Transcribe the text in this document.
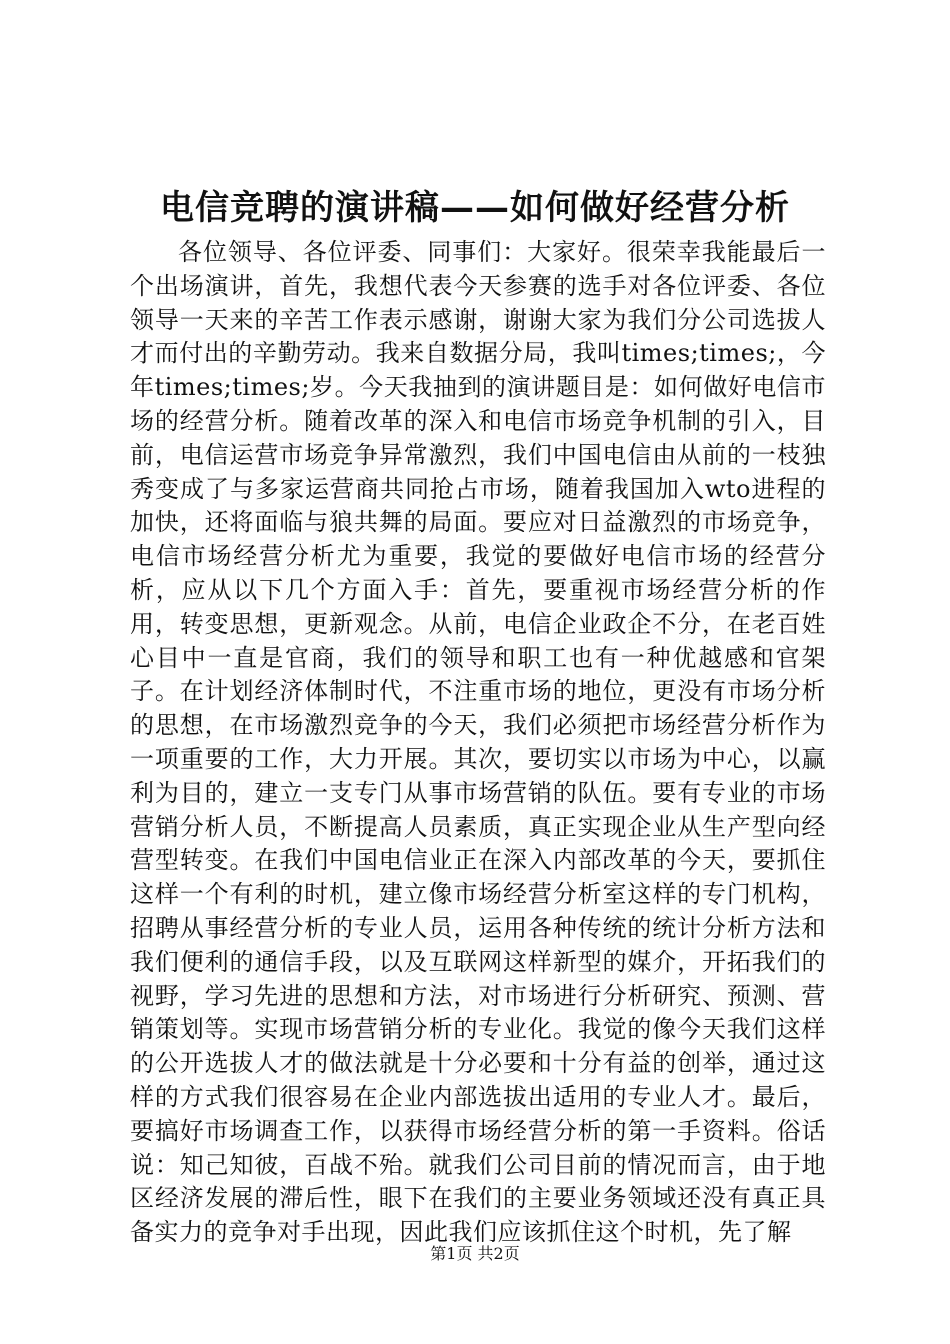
电信竞聘的演讲稿——如何做好经营分析

各位领导、各位评委、同事们：大家好。很荣幸我能最后一个出场演讲，首先，我想代表今天参赛的选手对各位评委、各位领导一天来的辛苦工作表示感谢，谢谢大家为我们分公司选拔人才而付出的辛勤劳动。我来自数据分局，我叫times;times;，今年times;times;岁。今天我抽到的演讲题目是：如何做好电信市场的经营分析。随着改革的深入和电信市场竞争机制的引入，目前，电信运营市场竞争异常激烈，我们中国电信由从前的一枝独秀变成了与多家运营商共同抢占市场，随着我国加入wto进程的加快，还将面临与狼共舞的局面。要应对日益激烈的市场竞争，电信市场经营分析尤为重要，我觉的要做好电信市场的经营分析，应从以下几个方面入手：首先，要重视市场经营分析的作用，转变思想，更新观念。从前，电信企业政企不分，在老百姓心目中一直是官商，我们的领导和职工也有一种优越感和官架子。在计划经济体制时代，不注重市场的地位，更没有市场分析的思想，在市场激烈竞争的今天，我们必须把市场经营分析作为一项重要的工作，大力开展。其次，要切实以市场为中心，以赢利为目的，建立一支专门从事市场营销的队伍。要有专业的市场营销分析人员，不断提高人员素质，真正实现企业从生产型向经营型转变。在我们中国电信业正在深入内部改革的今天，要抓住这样一个有利的时机，建立像市场经营分析室这样的专门机构，招聘从事经营分析的专业人员，运用各种传统的统计分析方法和我们便利的通信手段，以及互联网这样新型的媒介，开拓我们的视野，学习先进的思想和方法，对市场进行分析研究、预测、营销策划等。实现市场营销分析的专业化。我觉的像今天我们这样的公开选拔人才的做法就是十分必要和十分有益的创举，通过这样的方式我们很容易在企业内部选拔出适用的专业人才。最后，要搞好市场调查工作，以获得市场经营分析的第一手资料。俗话说：知己知彼，百战不殆。就我们公司目前的情况而言，由于地区经济发展的滞后性，眼下在我们的主要业务领域还没有真正具备实力的竞争对手出现，因此我们应该抓住这个时机，先了解

第1页 共2页
